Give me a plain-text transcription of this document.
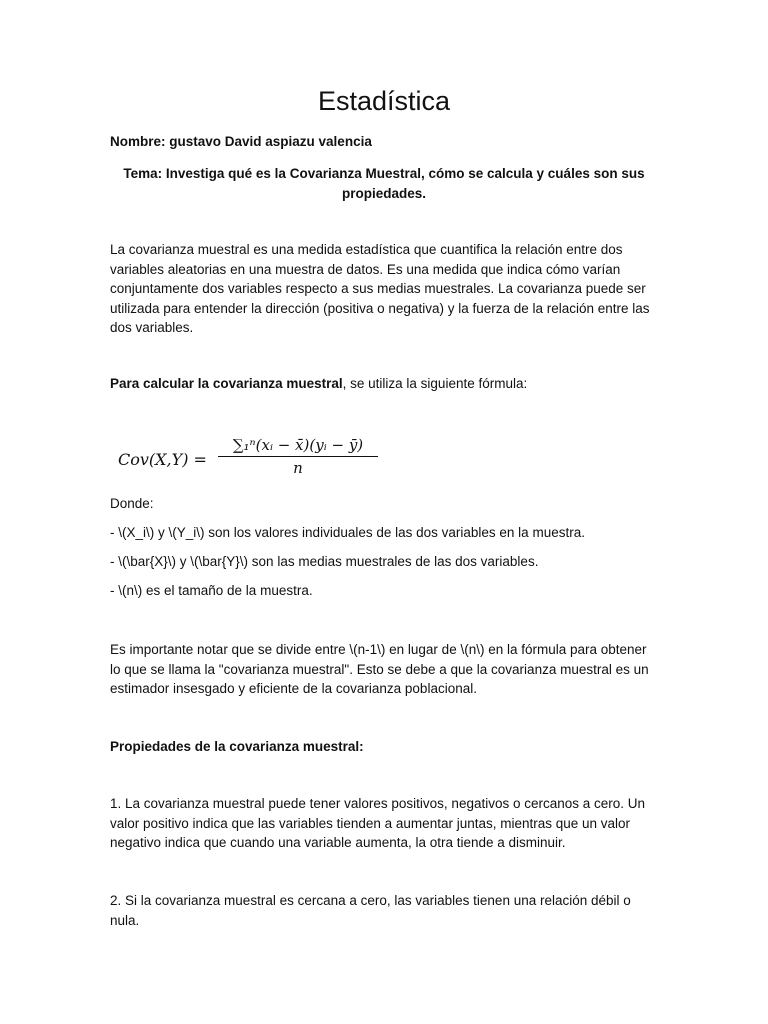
Estadística
Nombre: gustavo David aspiazu valencia
Tema: Investiga qué es la Covarianza Muestral, cómo se calcula y cuáles son sus propiedades.
La covarianza muestral es una medida estadística que cuantifica la relación entre dos variables aleatorias en una muestra de datos. Es una medida que indica cómo varían conjuntamente dos variables respecto a sus medias muestrales. La covarianza puede ser utilizada para entender la dirección (positiva o negativa) y la fuerza de la relación entre las dos variables.
Para calcular la covarianza muestral, se utiliza la siguiente fórmula:
Cov(X,Y) =
∑₁ⁿ(xᵢ − x̄)(yᵢ − ȳ)
n
Donde:
- \(X_i\) y \(Y_i\) son los valores individuales de las dos variables en la muestra.
- \(\bar{X}\) y \(\bar{Y}\) son las medias muestrales de las dos variables.
- \(n\) es el tamaño de la muestra.
Es importante notar que se divide entre \(n-1\) en lugar de \(n\) en la fórmula para obtener lo que se llama la "covarianza muestral". Esto se debe a que la covarianza muestral es un estimador insesgado y eficiente de la covarianza poblacional.
Propiedades de la covarianza muestral:
1. La covarianza muestral puede tener valores positivos, negativos o cercanos a cero. Un valor positivo indica que las variables tienden a aumentar juntas, mientras que un valor negativo indica que cuando una variable aumenta, la otra tiende a disminuir.
2. Si la covarianza muestral es cercana a cero, las variables tienen una relación débil o nula.
